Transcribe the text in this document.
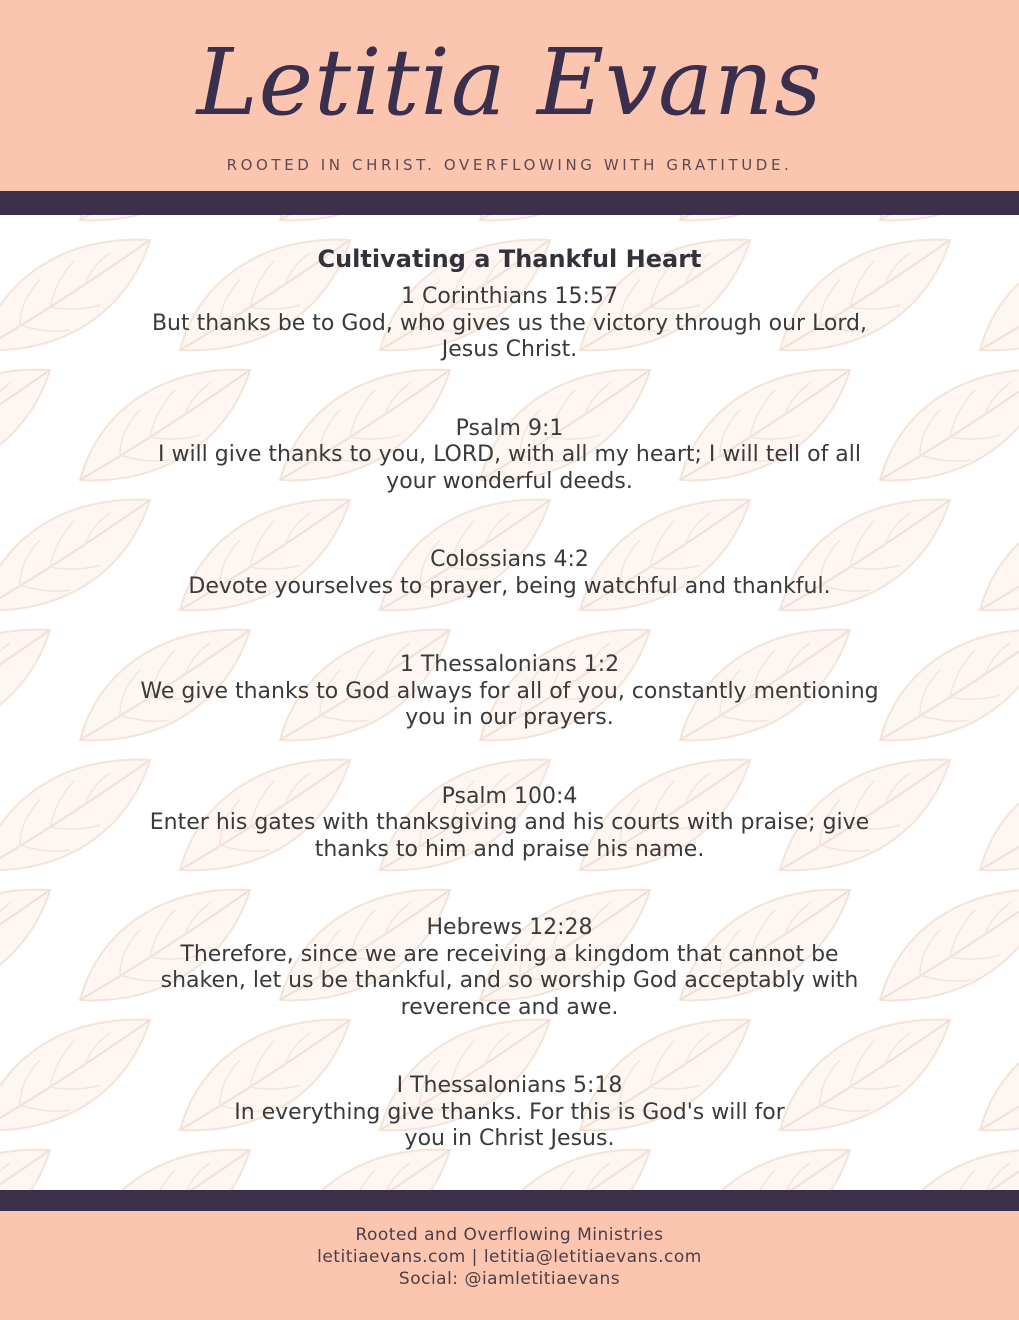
Letitia Evans
ROOTED IN CHRIST. OVERFLOWING WITH GRATITUDE.
Cultivating a Thankful Heart
1 Corinthians 15:57
But thanks be to God, who gives us the victory through our Lord,
Jesus Christ.
Psalm 9:1
I will give thanks to you, LORD, with all my heart; I will tell of all
your wonderful deeds.
Colossians 4:2
Devote yourselves to prayer, being watchful and thankful.
1 Thessalonians 1:2
We give thanks to God always for all of you, constantly mentioning
you in our prayers.
Psalm 100:4
Enter his gates with thanksgiving and his courts with praise; give
thanks to him and praise his name.
Hebrews 12:28
Therefore, since we are receiving a kingdom that cannot be
shaken, let us be thankful, and so worship God acceptably with
reverence and awe.
I Thessalonians 5:18
In everything give thanks. For this is God's will for
you in Christ Jesus.
Rooted and Overflowing Ministries
letitiaevans.com | letitia@letitiaevans.com
Social: @iamletitiaevans
